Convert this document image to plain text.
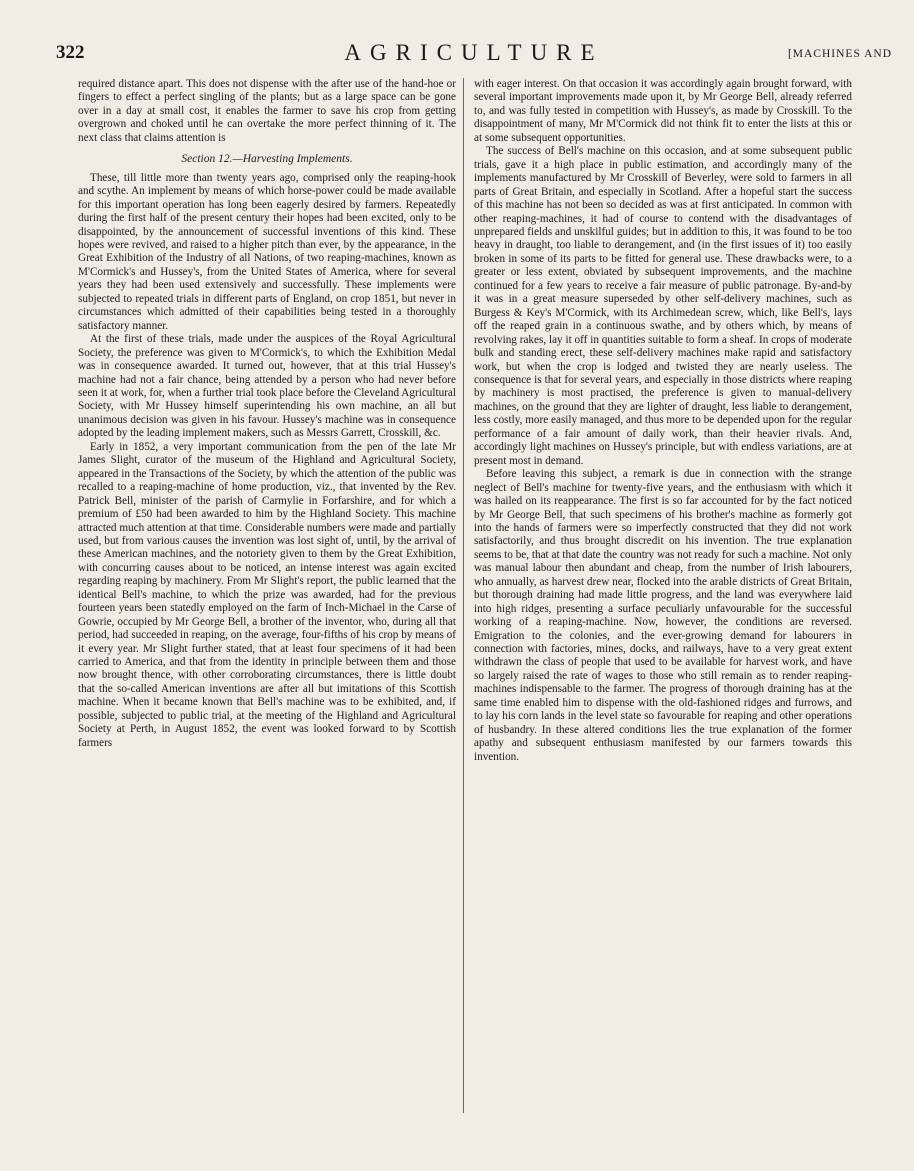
322	AGRICULTURE	[MACHINES AND

required distance apart. This does not dispense with the after use of the hand-hoe or fingers to effect a perfect singling of the plants; but as a large space can be gone over in a day at small cost, it enables the farmer to save his crop from getting overgrown and choked until he can overtake the more perfect thinning of it. The next class that claims attention is

Section 12.—Harvesting Implements.

These, till little more than twenty years ago, comprised only the reaping-hook and scythe. An implement by means of which horse-power could be made available for this important operation has long been eagerly desired by farmers. Repeatedly during the first half of the present century their hopes had been excited, only to be disappointed, by the announcement of successful inventions of this kind. These hopes were revived, and raised to a higher pitch than ever, by the appearance, in the Great Exhibition of the Industry of all Nations, of two reaping-machines, known as M'Cormick's and Hussey's, from the United States of America, where for several years they had been used extensively and successfully. These implements were subjected to repeated trials in different parts of England, on crop 1851, but never in circumstances which admitted of their capabilities being tested in a thoroughly satisfactory manner.

At the first of these trials, made under the auspices of the Royal Agricultural Society, the preference was given to M'Cormick's, to which the Exhibition Medal was in consequence awarded. It turned out, however, that at this trial Hussey's machine had not a fair chance, being attended by a person who had never before seen it at work, for, when a further trial took place before the Cleveland Agricultural Society, with Mr Hussey himself superintending his own machine, an all but unanimous decision was given in his favour. Hussey's machine was in consequence adopted by the leading implement makers, such as Messrs Garrett, Crosskill, &c.

Early in 1852, a very important communication from the pen of the late Mr James Slight, curator of the museum of the Highland and Agricultural Society, appeared in the Transactions of the Society, by which the attention of the public was recalled to a reaping-machine of home production, viz., that invented by the Rev. Patrick Bell, minister of the parish of Carmylie in Forfarshire, and for which a premium of £50 had been awarded to him by the Highland Society. This machine attracted much attention at that time. Considerable numbers were made and partially used, but from various causes the invention was lost sight of, until, by the arrival of these American machines, and the notoriety given to them by the Great Exhibition, with concurring causes about to be noticed, an intense interest was again excited regarding reaping by machinery. From Mr Slight's report, the public learned that the identical Bell's machine, to which the prize was awarded, had for the previous fourteen years been statedly employed on the farm of Inch-Michael in the Carse of Gowrie, occupied by Mr George Bell, a brother of the inventor, who, during all that period, had succeeded in reaping, on the average, four-fifths of his crop by means of it every year. Mr Slight further stated, that at least four specimens of it had been carried to America, and that from the identity in principle between them and those now brought thence, with other corroborating circumstances, there is little doubt that the so-called American inventions are after all but imitations of this Scottish machine. When it became known that Bell's machine was to be exhibited, and, if possible, subjected to public trial, at the meeting of the Highland and Agricultural Society at Perth, in August 1852, the event was looked forward to by Scottish farmers

with eager interest. On that occasion it was accordingly again brought forward, with several important improvements made upon it, by Mr George Bell, already referred to, and was fully tested in competition with Hussey's, as made by Crosskill. To the disappointment of many, Mr M'Cormick did not think fit to enter the lists at this or at some subsequent opportunities.

The success of Bell's machine on this occasion, and at some subsequent public trials, gave it a high place in public estimation, and accordingly many of the implements manufactured by Mr Crosskill of Beverley, were sold to farmers in all parts of Great Britain, and especially in Scotland. After a hopeful start the success of this machine has not been so decided as was at first anticipated. In common with other reaping-machines, it had of course to contend with the disadvantages of unprepared fields and unskilful guides; but in addition to this, it was found to be too heavy in draught, too liable to derangement, and (in the first issues of it) too easily broken in some of its parts to be fitted for general use. These drawbacks were, to a greater or less extent, obviated by subsequent improvements, and the machine continued for a few years to receive a fair measure of public patronage. By-and-by it was in a great measure superseded by other self-delivery machines, such as Burgess & Key's M'Cormick, with its Archimedean screw, which, like Bell's, lays off the reaped grain in a continuous swathe, and by others which, by means of revolving rakes, lay it off in quantities suitable to form a sheaf. In crops of moderate bulk and standing erect, these self-delivery machines make rapid and satisfactory work, but when the crop is lodged and twisted they are nearly useless. The consequence is that for several years, and especially in those districts where reaping by machinery is most practised, the preference is given to manual-delivery machines, on the ground that they are lighter of draught, less liable to derangement, less costly, more easily managed, and thus more to be depended upon for the regular performance of a fair amount of daily work, than their heavier rivals. And, accordingly light machines on Hussey's principle, but with endless variations, are at present most in demand.

Before leaving this subject, a remark is due in connection with the strange neglect of Bell's machine for twenty-five years, and the enthusiasm with which it was hailed on its reappearance. The first is so far accounted for by the fact noticed by Mr George Bell, that such specimens of his brother's machine as formerly got into the hands of farmers were so imperfectly constructed that they did not work satisfactorily, and thus brought discredit on his invention. The true explanation seems to be, that at that date the country was not ready for such a machine. Not only was manual labour then abundant and cheap, from the number of Irish labourers, who annually, as harvest drew near, flocked into the arable districts of Great Britain, but thorough draining had made little progress, and the land was everywhere laid into high ridges, presenting a surface peculiarly unfavourable for the successful working of a reaping-machine. Now, however, the conditions are reversed. Emigration to the colonies, and the ever-growing demand for labourers in connection with factories, mines, docks, and railways, have to a very great extent withdrawn the class of people that used to be available for harvest work, and have so largely raised the rate of wages to those who still remain as to render reaping-machines indispensable to the farmer. The progress of thorough draining has at the same time enabled him to dispense with the old-fashioned ridges and furrows, and to lay his corn lands in the level state so favourable for reaping and other operations of husbandry. In these altered conditions lies the true explanation of the former apathy and subsequent enthusiasm manifested by our farmers towards this invention.
